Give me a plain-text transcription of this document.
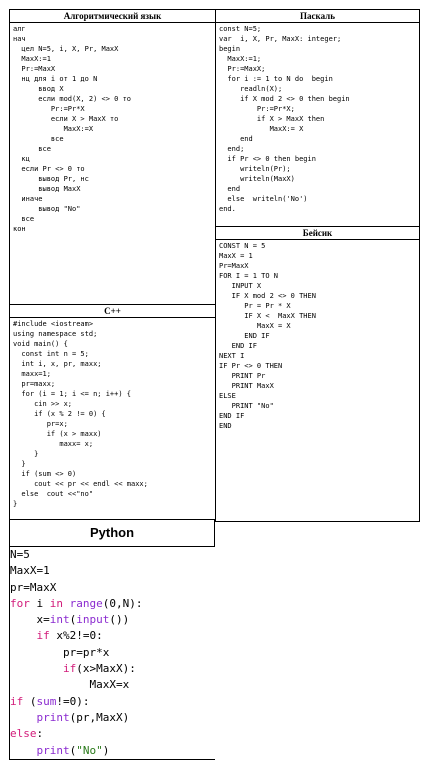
Алгоритмический язык
алг
нач
цел N=5, i, X, Pr, MaxX
MaxX:=1
Pr:=MaxX
нц для i от 1 до N
ввод X
если mod(X, 2) <> 0 то
Pr:=Pr*X
если X > MaxX то
MaxX:=X
все
все
кц
если Pr <> 0 то
вывод Pr, нс
вывод MaxX
иначе
вывод "No"
все
кон
Паскаль
const N=5;
var  i, X, Pr, MaxX: integer;
begin
MaxX:=1;
Pr:=MaxX;
for i := 1 to N do  begin
readln(X);
if X mod 2 <> 0 then begin
Pr:=Pr*X;
if X > MaxX then
MaxX:= X
end
end;
if Pr <> 0 then begin
writeln(Pr);
writeln(MaxX)
end
else  writeln('No')
end.
Бейсик
CONST N = 5
MaxX = 1
Pr=MaxX
FOR I = 1 TO N
INPUT X
IF X mod 2 <> 0 THEN
Pr = Pr * X
IF X <  MaxX THEN
MaxX = X
END IF
END IF
NEXT I
IF Pr <> 0 THEN
PRINT Pr
PRINT MaxX
ELSE
PRINT "No"
END IF
END
C++
#include <iostream>
using namespace std;
void main() {
const int n = 5;
int i, x, pr, maxx;
maxx=1;
pr=maxx;
for (i = 1; i <= n; i++) {
cin >> x;
if (x % 2 != 0) {
pr=x;
if (x > maxx)
maxx= x;
}
}
if (sum <> 0)
cout << pr << endl << maxx;
else  cout <<"no"
}
Python
N=5
MaxX=1
pr=MaxX
for i in range(0,N):
x=int(input())
if x%2!=0:
pr=pr*x
if(x>MaxX):
MaxX=x
if (sum!=0):
print(pr,MaxX)
else:
print("No")
